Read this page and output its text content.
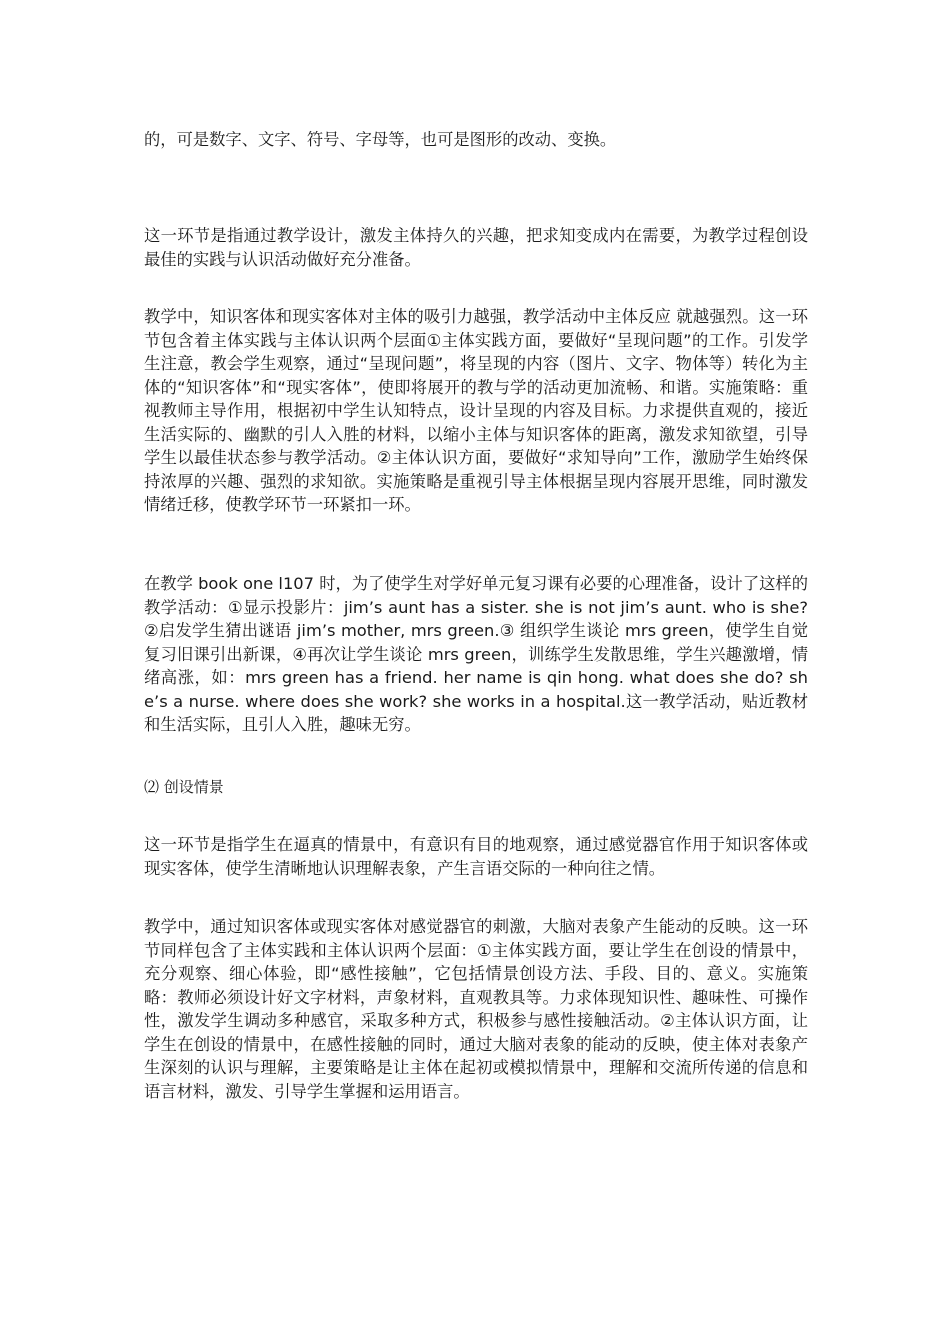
的，可是数字、文字、符号、字母等，也可是图形的改动、变换。

这一环节是指通过教学设计，激发主体持久的兴趣，把求知变成内在需要，为教学过程创设最佳的实践与认识活动做好充分准备。

教学中，知识客体和现实客体对主体的吸引力越强，教学活动中主体反应 就越强烈。这一环节包含着主体实践与主体认识两个层面①主体实践方面，要做好“呈现问题”的工作。引发学生注意，教会学生观察，通过“呈现问题”，将呈现的内容（图片、文字、物体等）转化为主体的“知识客体”和“现实客体”，使即将展开的教与学的活动更加流畅、和谐。实施策略：重视教师主导作用，根据初中学生认知特点，设计呈现的内容及目标。力求提供直观的，接近生活实际的、幽默的引人入胜的材料，以缩小主体与知识客体的距离，激发求知欲望，引导学生以最佳状态参与教学活动。②主体认识方面，要做好“求知导向”工作，激励学生始终保持浓厚的兴趣、强烈的求知欲。实施策略是重视引导主体根据呈现内容展开思维，同时激发情绪迁移，使教学环节一环紧扣一环。

在教学 book one l107 时，为了使学生对学好单元复习课有必要的心理准备，设计了这样的教学活动：①显示投影片：jim’s aunt has a sister. she is not jim’s aunt. who is she? ②启发学生猜出谜语 jim’s mother, mrs green.③ 组织学生谈论 mrs green，使学生自觉复习旧课引出新课，④再次让学生谈论 mrs green，训练学生发散思维，学生兴趣激增，情绪高涨，如：mrs green has a friend. her name is qin hong. what does she do? she’s a nurse. where does she work? she works in a hospital.这一教学活动，贴近教材和生活实际，且引人入胜，趣味无穷。

⑵ 创设情景

这一环节是指学生在逼真的情景中，有意识有目的地观察，通过感觉器官作用于知识客体或现实客体，使学生清晰地认识理解表象，产生言语交际的一种向往之情。

教学中，通过知识客体或现实客体对感觉器官的刺激，大脑对表象产生能动的反映。这一环节同样包含了主体实践和主体认识两个层面：①主体实践方面，要让学生在创设的情景中，充分观察、细心体验，即“感性接触”，它包括情景创设方法、手段、目的、意义。实施策略：教师必须设计好文字材料，声象材料，直观教具等。力求体现知识性、趣味性、可操作性，激发学生调动多种感官，采取多种方式，积极参与感性接触活动。②主体认识方面，让学生在创设的情景中，在感性接触的同时，通过大脑对表象的能动的反映，使主体对表象产生深刻的认识与理解，主要策略是让主体在起初或模拟情景中，理解和交流所传递的信息和语言材料，激发、引导学生掌握和运用语言。
